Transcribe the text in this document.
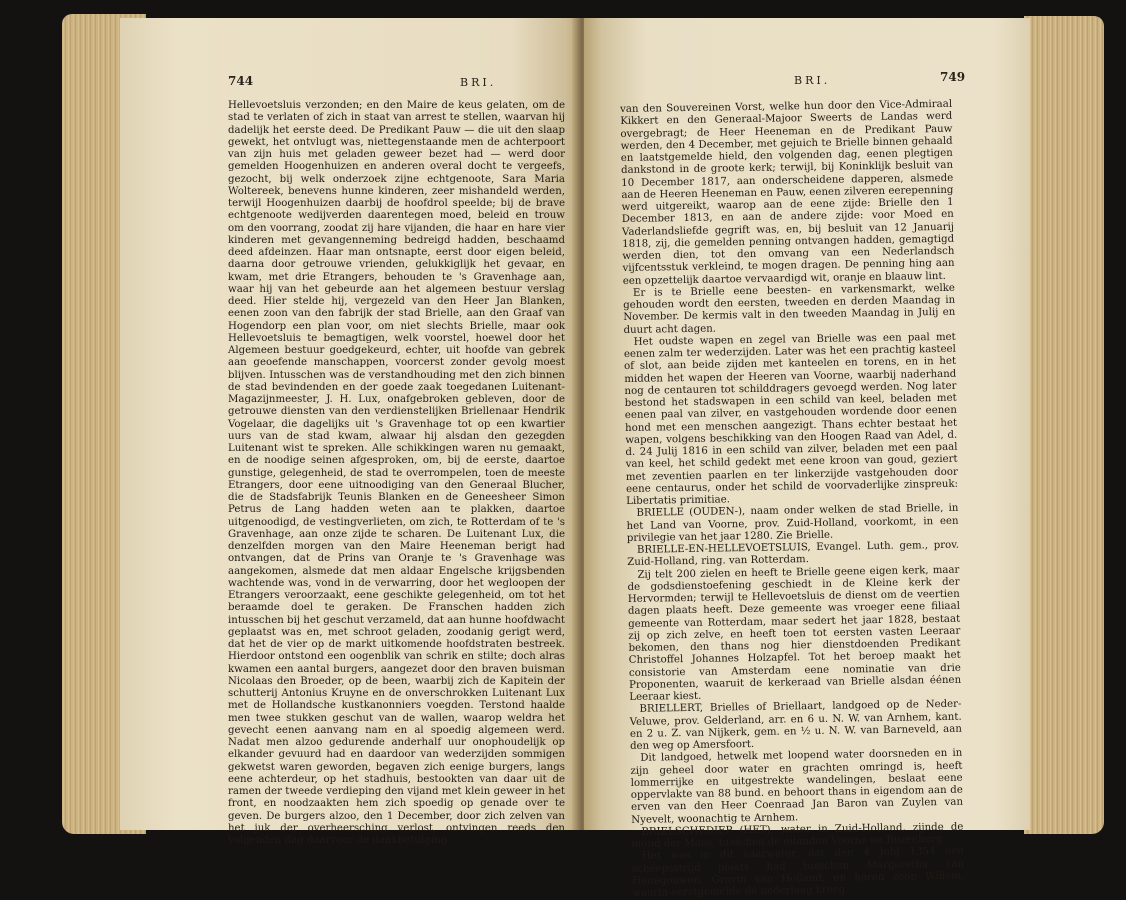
744	BRI.

Hellevoetsluis verzonden; en den Maire de keus gelaten, om de stad te verlaten of zich in staat van arrest te stellen, waarvan hij dadelijk het eerste deed. De Predikant Pauw — die uit den slaap gewekt, het ontvlugt was, niettegenstaande men de achterpoort van zijn huis met geladen geweer bezet had — werd door gemelden Hoogenhuizen en anderen overal docht te vergeefs, gezocht, bij welk onderzoek zijne echtgenoote, Sara Maria Woltereek, benevens hunne kinderen, zeer mishandeld werden, terwijl Hoogenhuizen daarbij de hoofdrol speelde; bij de brave echtgenoote wedijverden daarentegen moed, beleid en trouw om den voorrang, zoodat zij hare vijanden, die haar en hare vier kinderen met gevangenneming bedreigd hadden, beschaamd deed afdeinzen. Haar man ontsnapte, eerst door eigen beleid, daarna door getrouwe vrienden, gelukkiglijk het gevaar, en kwam, met drie Etrangers, behouden te 's Gravenhage aan, waar hij van het gebeurde aan het algemeen bestuur verslag deed. Hier stelde hij, vergezeld van den Heer Jan Blanken, eenen zoon van den fabrijk der stad Brielle, aan den Graaf van Hogendorp een plan voor, om niet slechts Brielle, maar ook Hellevoetsluis te bemagtigen, welk voorstel, hoewel door het Algemeen bestuur goedgekeurd, echter, uit hoofde van gebrek aan geoefende manschappen, voorcerst zonder gevolg moest blijven. Intusschen was de verstandhouding met den zich binnen de stad bevindenden en der goede zaak toegedanen Luitenant-Magazijnmeester, J. H. Lux, onafgebroken gebleven, door de getrouwe diensten van den verdienstelijken Briellenaar Hendrik Vogelaar, die dagelijks uit 's Gravenhage tot op een kwartier uurs van de stad kwam, alwaar hij alsdan den gezegden Luitenant wist te spreken. Alle schikkingen waren nu gemaakt, en de noodige seinen afgesproken, om, bij de eerste, daartoe gunstige, gelegenheid, de stad te overrompelen, toen de meeste Etrangers, door eene uitnoodiging van den Generaal Blucher, die de Stadsfabrijk Teunis Blanken en de Geneesheer Simon Petrus de Lang hadden weten aan te plakken, daartoe uitgenoodigd, de vestingverlieten, om zich, te Rotterdam of te 's Gravenhage, aan onze zijde te scharen. De Luitenant Lux, die denzelfden morgen van den Maire Heeneman berigt had ontvangen, dat de Prins van Oranje te 's Gravenhage was aangekomen, alsmede dat men aldaar Engelsche krijgsbenden wachtende was, vond in de verwarring, door het wegloopen der Etrangers veroorzaakt, eene geschikte gelegenheid, om tot het beraamde doel te geraken. De Franschen hadden zich intusschen bij het geschut verzameld, dat aan hunne hoofdwacht geplaatst was en, met schroot geladen, zoodanig gerigt werd, dat het de vier op de markt uitkomende hoofdstraten bestreek. Hierdoor ontstond een oogenblik van schrik en stilte; doch alras kwamen een aantal burgers, aangezet door den braven buisman Nicolaas den Broeder, op de been, waarbij zich de Kapitein der schutterij Antonius Kruyne en de onverschrokken Luitenant Lux met de Hollandsche kustkanonniers voegden. Terstond haalde men twee stukken geschut van de wallen, waarop weldra het gevecht eenen aanvang nam en al spoedig algemeen werd. Nadat men alzoo gedurende anderhalf uur onophoudelijk op elkander gevuurd had en daardoor van wederzijden sommigen gekwetst waren geworden, begaven zich eenige burgers, langs eene achterdeur, op het stadhuis, bestookten van daar uit de ramen der tweede verdieping den vijand met klein geweer in het front, en noodzaakten hem zich spoedig op genade over te geven. De burgers alzoo, den 1 December, door zich zelven van het juk der overheersching verlost, ontvingen reeds den volgenden dag daarvoor de dankbetuiging

BRI.	749

van den Souvereinen Vorst, welke hun door den Vice-Admiraal Kikkert en den Generaal-Majoor Sweerts de Landas werd overgebragt; de Heer Heeneman en de Predikant Pauw werden, den 4 December, met gejuich te Brielle binnen gehaald en laatstgemelde hield, den volgenden dag, eenen plegtigen dankstond in de groote kerk; terwijl, bij Koninklijk besluit van 10 December 1817, aan onderscheidene dapperen, alsmede aan de Heeren Heeneman en Pauw, eenen zilveren eerepenning werd uitgereikt, waarop aan de eene zijde: Brielle den 1 December 1813, en aan de andere zijde: voor Moed en Vaderlandsliefde gegrift was, en, bij besluit van 12 Januarij 1818, zij, die gemelden penning ontvangen hadden, gemagtigd werden dien, tot den omvang van een Nederlandsch vijfcentsstuk verkleind, te mogen dragen. De penning hing aan een opzettelijk daartoe vervaardigd wit, oranje en blaauw lint.

Er is te Brielle eene beesten- en varkensmarkt, welke gehouden wordt den eersten, tweeden en derden Maandag in November. De kermis valt in den tweeden Maandag in Julij en duurt acht dagen.

Het oudste wapen en zegel van Brielle was een paal met eenen zalm ter wederzijden. Later was het een prachtig kasteel of slot, aan beide zijden met kanteelen en torens, en in het midden het wapen der Heeren van Voorne, waarbij naderhand nog de centauren tot schilddragers gevoegd werden. Nog later bestond het stadswapen in een schild van keel, beladen met eenen paal van zilver, en vastgehouden wordende door eenen hond met een menschen aangezigt. Thans echter bestaat het wapen, volgens beschikking van den Hoogen Raad van Adel, d. d. 24 Julij 1816 in een schild van zilver, beladen met een paal van keel, het schild gedekt met eene kroon van goud, geziert met zeventien paarlen en ter linkerzijde vastgehouden door eene centaurus, onder het schild de voorvaderlijke zinspreuk: Libertatis primitiae.

BRIELLE (OUDEN-), naam onder welken de stad Brielle, in het Land van Voorne, prov. Zuid-Holland, voorkomt, in een privilegie van het jaar 1280. Zie Brielle.

BRIELLE-EN-HELLEVOETSLUIS, Evangel. Luth. gem., prov. Zuid-Holland, ring. van Rotterdam.

Zij telt 200 zielen en heeft te Brielle geene eigen kerk, maar de godsdienstoefening geschiedt in de Kleine kerk der Hervormden; terwijl te Hellevoetsluis de dienst om de veertien dagen plaats heeft. Deze gemeente was vroeger eene filiaal gemeente van Rotterdam, maar sedert het jaar 1828, bestaat zij op zich zelve, en heeft toen tot eersten vasten Leeraar bekomen, den thans nog hier dienstdoenden Predikant Christoffel Johannes Holzapfel. Tot het beroep maakt het consistorie van Amsterdam eene nominatie van drie Proponenten, waaruit de kerkeraad van Brielle alsdan éénen Leeraar kiest.

BRIELLERT, Brielles of Briellaart, landgoed op de Neder-Veluwe, prov. Gelderland, arr. en 6 u. N. W. van Arnhem, kant. en 2 u. Z. van Nijkerk, gem. en ½ u. N. W. van Barneveld, aan den weg op Amersfoort.

Dit landgoed, hetwelk met loopend water doorsneden en in zijn geheel door water en grachten omringd is, heeft lommerrijke en uitgestrekte wandelingen, beslaat eene oppervlakte van 88 bund. en behoort thans in eigendom aan de erven van den Heer Coenraad Jan Baron van Zuylen van Nyevelt, woonachtig te Arnhem.

BRIELSCHEDIEP (HET), water in Zuid-Holland, zijnde de mond der Maas, tusschen de eilanden Voorne en Rozenburg.

Het was in dit vaarwater, dat den 4 Julij 1354 een scheepsstrijd plaats had tusschen Margaretha van Henegouwen, Gravin van Holland, en haren zoon Willem, waarin eerstgemelde de nederlaag kreeg.
